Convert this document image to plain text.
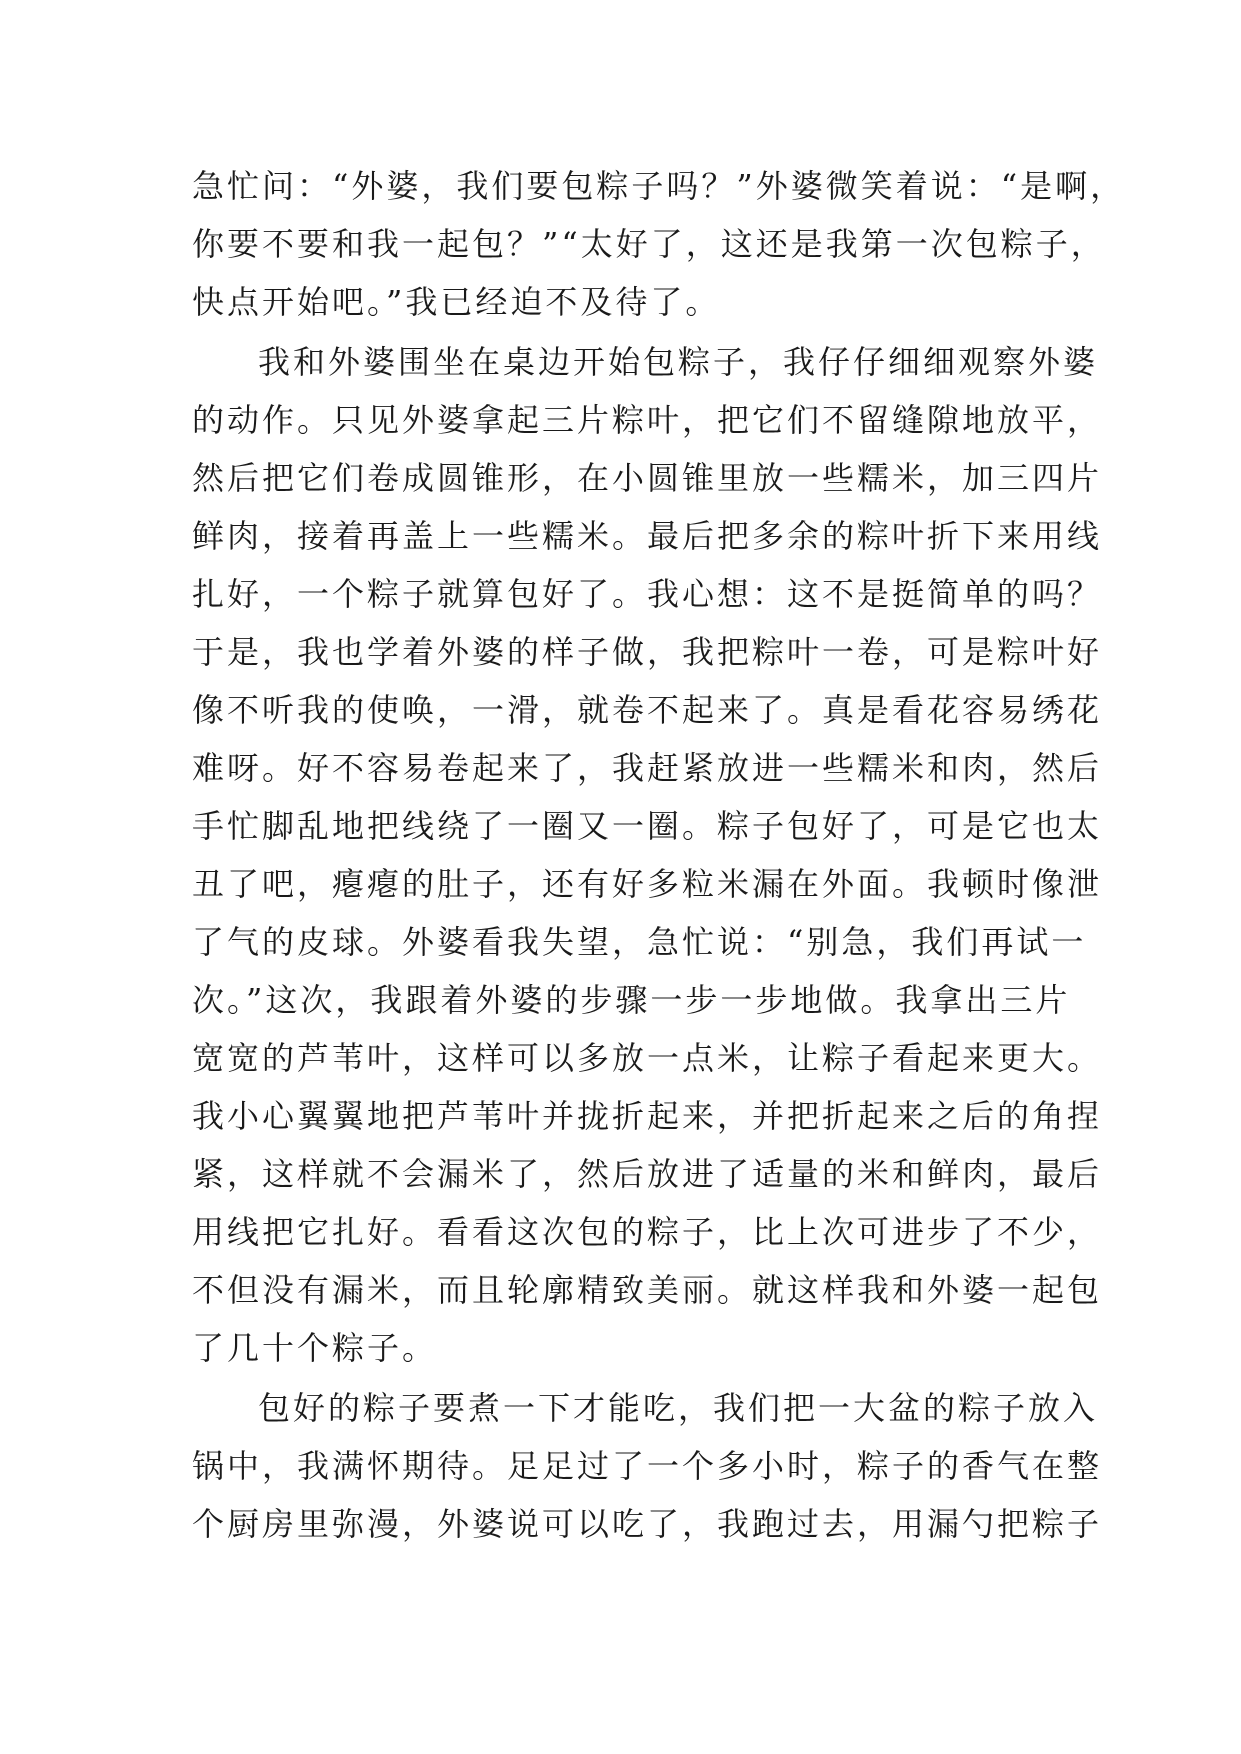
急忙问：“外婆，我们要包粽子吗？”外婆微笑着说：“是啊，
你要不要和我一起包？”“太好了，这还是我第一次包粽子，
快点开始吧。”我已经迫不及待了。
我和外婆围坐在桌边开始包粽子，我仔仔细细观察外婆
的动作。只见外婆拿起三片粽叶，把它们不留缝隙地放平，
然后把它们卷成圆锥形，在小圆锥里放一些糯米，加三四片
鲜肉，接着再盖上一些糯米。最后把多余的粽叶折下来用线
扎好，一个粽子就算包好了。我心想：这不是挺简单的吗？
于是，我也学着外婆的样子做，我把粽叶一卷，可是粽叶好
像不听我的使唤，一滑，就卷不起来了。真是看花容易绣花
难呀。好不容易卷起来了，我赶紧放进一些糯米和肉，然后
手忙脚乱地把线绕了一圈又一圈。粽子包好了，可是它也太
丑了吧，瘪瘪的肚子，还有好多粒米漏在外面。我顿时像泄
了气的皮球。外婆看我失望，急忙说：“别急，我们再试一
次。”这次，我跟着外婆的步骤一步一步地做。我拿出三片
宽宽的芦苇叶，这样可以多放一点米，让粽子看起来更大。
我小心翼翼地把芦苇叶并拢折起来，并把折起来之后的角捏
紧，这样就不会漏米了，然后放进了适量的米和鲜肉，最后
用线把它扎好。看看这次包的粽子，比上次可进步了不少，
不但没有漏米，而且轮廓精致美丽。就这样我和外婆一起包
了几十个粽子。
包好的粽子要煮一下才能吃，我们把一大盆的粽子放入
锅中，我满怀期待。足足过了一个多小时，粽子的香气在整
个厨房里弥漫，外婆说可以吃了，我跑过去，用漏勺把粽子
